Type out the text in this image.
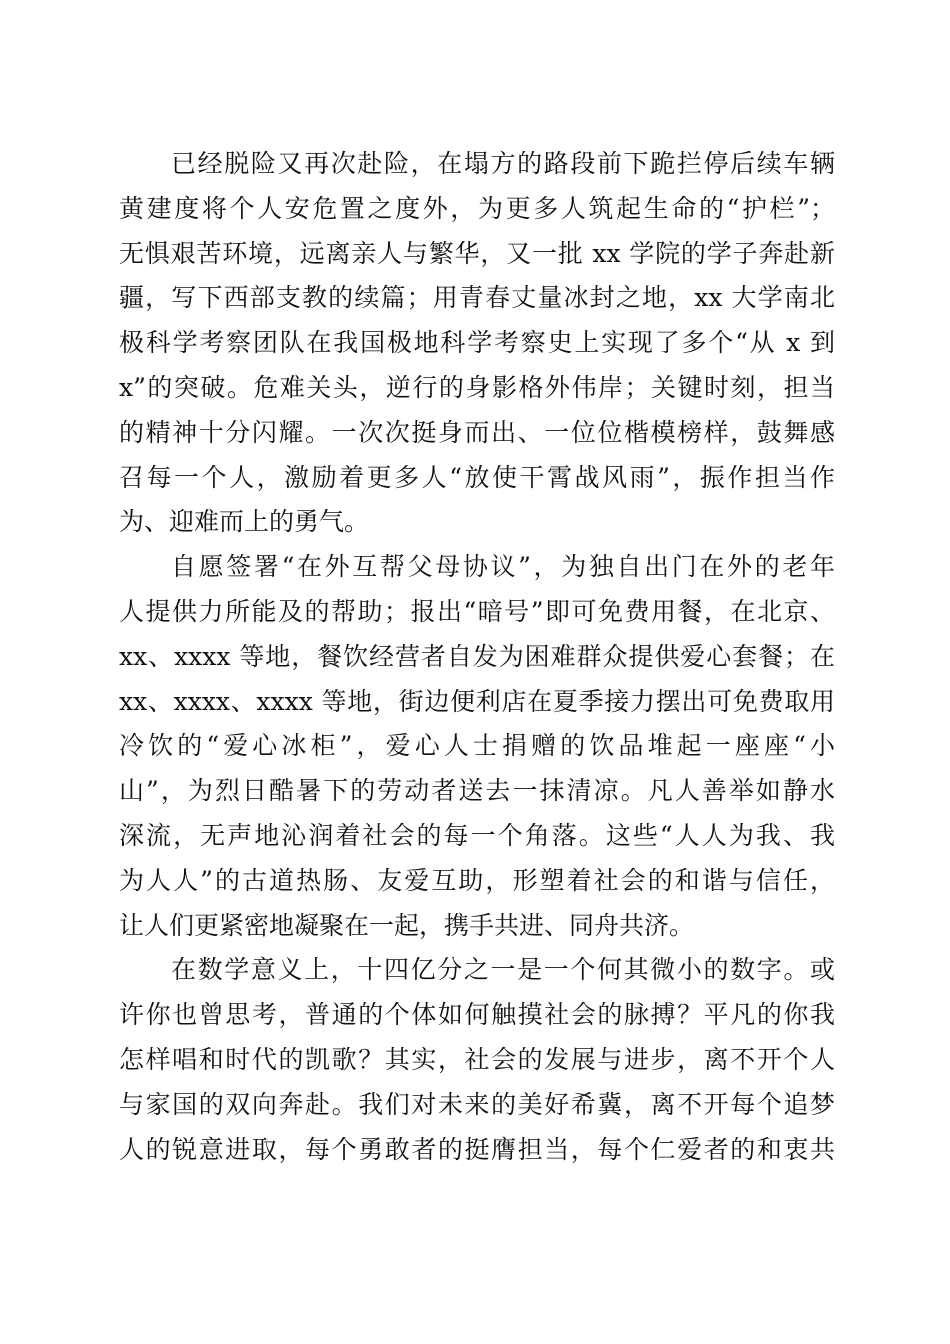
已经脱险又再次赴险，在塌方的路段前下跪拦停后续车辆
黄建度将个人安危置之度外，为更多人筑起生命的“护栏”；
无惧艰苦环境，远离亲人与繁华，又一批 xx 学院的学子奔赴新
疆，写下西部支教的续篇；用青春丈量冰封之地，xx 大学南北
极科学考察团队在我国极地科学考察史上实现了多个“从 x 到
x”的突破。危难关头，逆行的身影格外伟岸；关键时刻，担当
的精神十分闪耀。一次次挺身而出、一位位楷模榜样，鼓舞感
召每一个人，激励着更多人“放使干霄战风雨”，振作担当作
为、迎难而上的勇气。
自愿签署“在外互帮父母协议”，为独自出门在外的老年
人提供力所能及的帮助；报出“暗号”即可免费用餐，在北京、
xx、xxxx 等地，餐饮经营者自发为困难群众提供爱心套餐；在
xx、xxxx、xxxx 等地，街边便利店在夏季接力摆出可免费取用
冷饮的“爱心冰柜”，爱心人士捐赠的饮品堆起一座座“小
山”，为烈日酷暑下的劳动者送去一抹清凉。凡人善举如静水
深流，无声地沁润着社会的每一个角落。这些“人人为我、我
为人人”的古道热肠、友爱互助，形塑着社会的和谐与信任，
让人们更紧密地凝聚在一起，携手共进、同舟共济。
在数学意义上，十四亿分之一是一个何其微小的数字。或
许你也曾思考，普通的个体如何触摸社会的脉搏？平凡的你我
怎样唱和时代的凯歌？其实，社会的发展与进步，离不开个人
与家国的双向奔赴。我们对未来的美好希冀，离不开每个追梦
人的锐意进取，每个勇敢者的挺膺担当，每个仁爱者的和衷共
